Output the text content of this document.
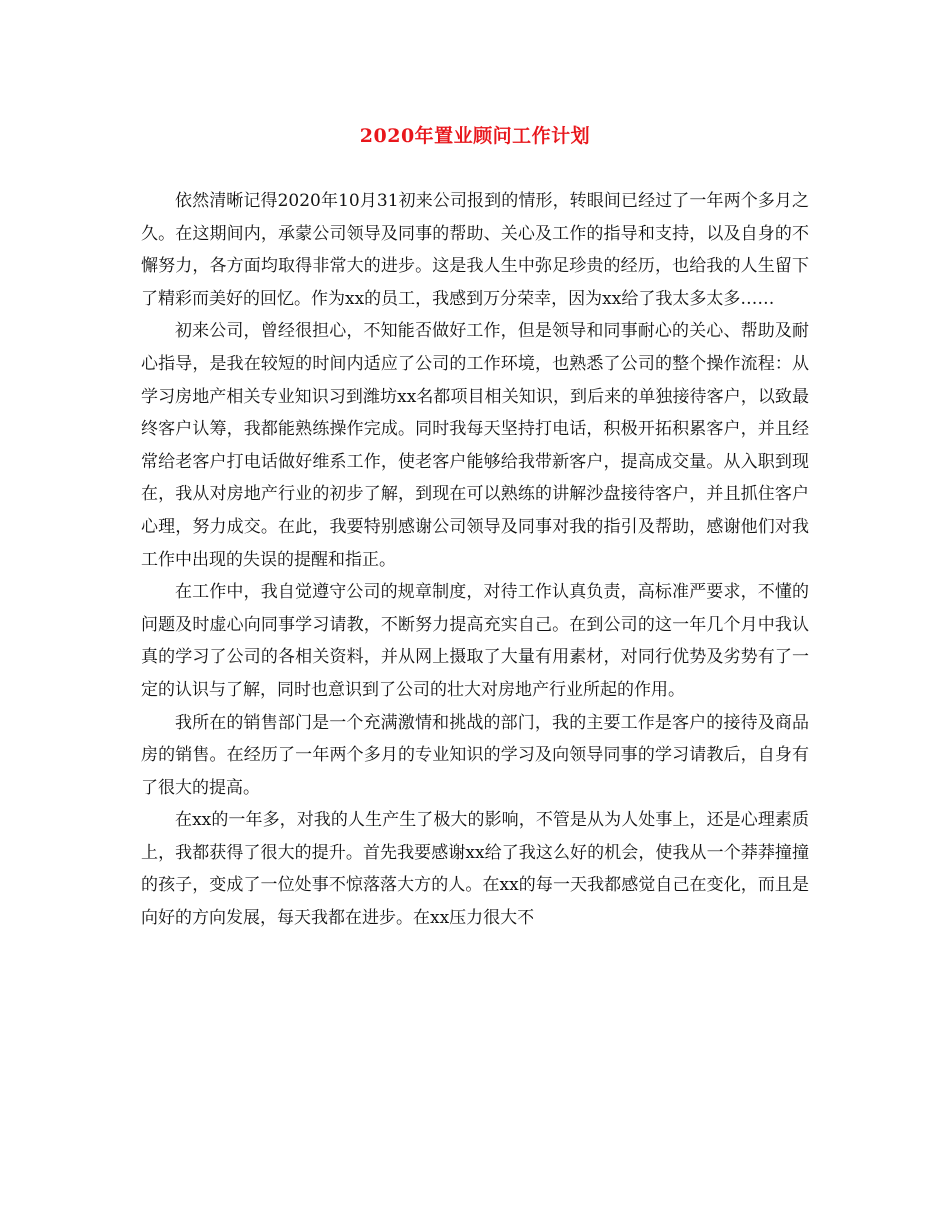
2020年置业顾问工作计划

依然清晰记得2020年10月31初来公司报到的情形，转眼间已经过了一年两个多月之久。在这期间内，承蒙公司领导及同事的帮助、关心及工作的指导和支持，以及自身的不懈努力，各方面均取得非常大的进步。这是我人生中弥足珍贵的经历，也给我的人生留下了精彩而美好的回忆。作为xx的员工，我感到万分荣幸，因为xx给了我太多太多……

初来公司，曾经很担心，不知能否做好工作，但是领导和同事耐心的关心、帮助及耐心指导，是我在较短的时间内适应了公司的工作环境，也熟悉了公司的整个操作流程：从学习房地产相关专业知识习到潍坊xx名都项目相关知识，到后来的单独接待客户，以致最终客户认筹，我都能熟练操作完成。同时我每天坚持打电话，积极开拓积累客户，并且经常给老客户打电话做好维系工作，使老客户能够给我带新客户，提高成交量。从入职到现在，我从对房地产行业的初步了解，到现在可以熟练的讲解沙盘接待客户，并且抓住客户心理，努力成交。在此，我要特别感谢公司领导及同事对我的指引及帮助，感谢他们对我工作中出现的失误的提醒和指正。

在工作中，我自觉遵守公司的规章制度，对待工作认真负责，高标准严要求，不懂的问题及时虚心向同事学习请教，不断努力提高充实自己。在到公司的这一年几个月中我认真的学习了公司的各相关资料，并从网上摄取了大量有用素材，对同行优势及劣势有了一定的认识与了解，同时也意识到了公司的壮大对房地产行业所起的作用。

我所在的销售部门是一个充满激情和挑战的部门，我的主要工作是客户的接待及商品房的销售。在经历了一年两个多月的专业知识的学习及向领导同事的学习请教后，自身有了很大的提高。

在xx的一年多，对我的人生产生了极大的影响，不管是从为人处事上，还是心理素质上，我都获得了很大的提升。首先我要感谢xx给了我这么好的机会，使我从一个莽莽撞撞的孩子，变成了一位处事不惊落落大方的人。在xx的每一天我都感觉自己在变化，而且是向好的方向发展，每天我都在进步。在xx压力很大不
